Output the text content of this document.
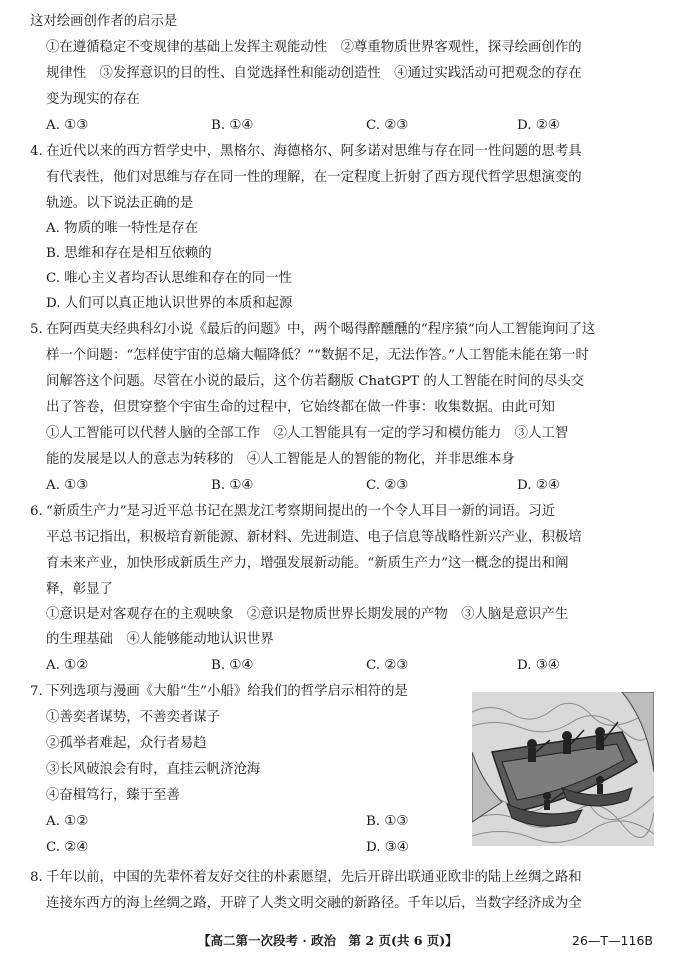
这对绘画创作者的启示是
①在遵循稳定不变规律的基础上发挥主观能动性　②尊重物质世界客观性，探寻绘画创作的
规律性　③发挥意识的目的性、自觉选择性和能动创造性　④通过实践活动可把观念的存在
变为现实的存在
A. ①③	B. ①④	C. ②③	D. ②④
4. 在近代以来的西方哲学史中，黑格尔、海德格尔、阿多诺对思维与存在同一性问题的思考具
有代表性，他们对思维与存在同一性的理解，在一定程度上折射了西方现代哲学思想演变的
轨迹。以下说法正确的是
A. 物质的唯一特性是存在
B. 思维和存在是相互依赖的
C. 唯心主义者均否认思维和存在的同一性
D. 人们可以真正地认识世界的本质和起源
5. 在阿西莫夫经典科幻小说《最后的问题》中，两个喝得醉醺醺的“程序猿”向人工智能询问了这
样一个问题：“怎样使宇宙的总熵大幅降低？”“数据不足，无法作答。”人工智能未能在第一时
间解答这个问题。尽管在小说的最后，这个仿若翻版 ChatGPT 的人工智能在时间的尽头交
出了答卷，但贯穿整个宇宙生命的过程中，它始终都在做一件事：收集数据。由此可知
①人工智能可以代替人脑的全部工作　②人工智能具有一定的学习和模仿能力　③人工智
能的发展是以人的意志为转移的　④人工智能是人的智能的物化，并非思维本身
A. ①③	B. ①④	C. ②③	D. ②④
6. “新质生产力”是习近平总书记在黑龙江考察期间提出的一个令人耳目一新的词语。习近
平总书记指出，积极培育新能源、新材料、先进制造、电子信息等战略性新兴产业，积极培
育未来产业，加快形成新质生产力，增强发展新动能。“新质生产力”这一概念的提出和阐
释，彰显了
①意识是对客观存在的主观映象　②意识是物质世界长期发展的产物　③人脑是意识产生
的生理基础　④人能够能动地认识世界
A. ①②	B. ①④	C. ②③	D. ③④
7. 下列选项与漫画《大船“生”小船》给我们的哲学启示相符的是
①善奕者谋势，不善奕者谋子
②孤举者难起，众行者易趋
③长风破浪会有时，直挂云帆济沧海
④奋楫笃行，臻于至善
A. ①②	B. ①③
C. ②④	D. ③④
8. 千年以前，中国的先辈怀着友好交往的朴素愿望，先后开辟出联通亚欧非的陆上丝绸之路和
连接东西方的海上丝绸之路，开辟了人类文明交融的新路径。千年以后，当数字经济成为全
【高二第一次段考 · 政治　第 2 页(共 6 页)】	26—T—116B
